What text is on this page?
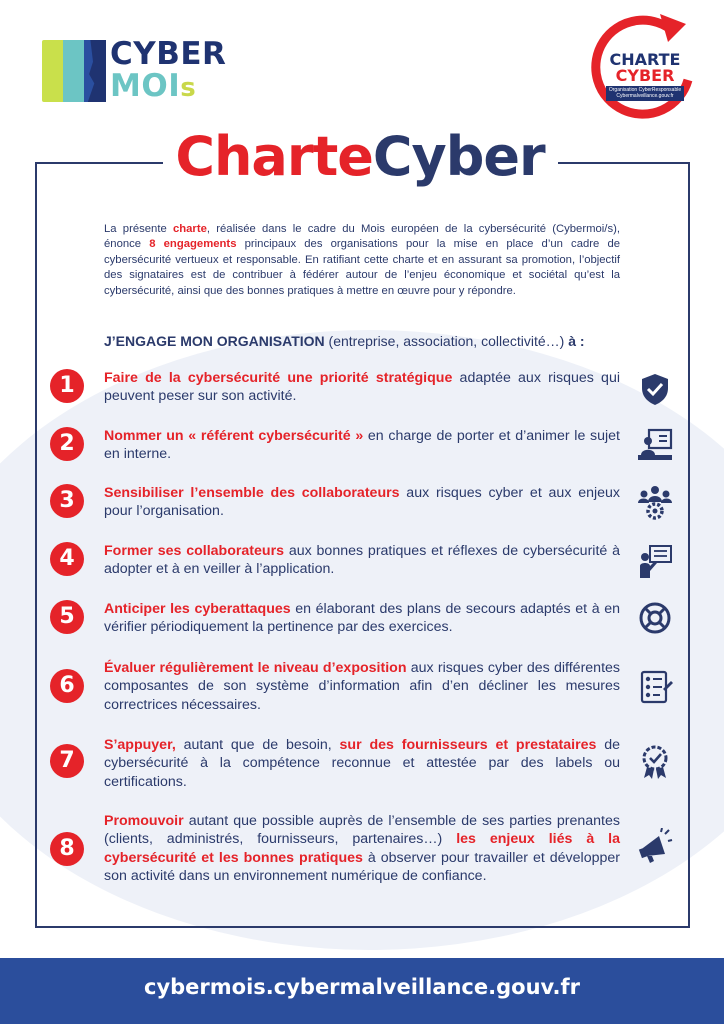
CYBER
MOIs
CHARTE
CYBER
Organisation CyberResponsable
Cybermalveillance.gouv.fr
CharteCyber

La présente charte, réalisée dans le cadre du Mois européen de la cybersécurité (Cybermoi/s), énonce 8 engagements principaux des organisations pour la mise en place d’un cadre de cybersécurité vertueux et responsable. En ratifiant cette charte et en assurant sa promotion, l’objectif des signataires est de contribuer à fédérer autour de l’enjeu économique et sociétal qu’est la cybersécurité, ainsi que des bonnes pratiques à mettre en œuvre pour y répondre.

J’ENGAGE MON ORGANISATION (entreprise, association, collectivité…) à :

1	Faire de la cybersécurité une priorité stratégique adaptée aux risques qui peuvent peser sur son activité.
2	Nommer un « référent cybersécurité » en charge de porter et d’animer le sujet en interne.
3	Sensibiliser l’ensemble des collaborateurs aux risques cyber et aux enjeux pour l’organisation.
4	Former ses collaborateurs aux bonnes pratiques et réflexes de cybersécurité à adopter et à en veiller à l’application.
5	Anticiper les cyberattaques en élaborant des plans de secours adaptés et à en vérifier périodiquement la pertinence par des exercices.
6
Évaluer régulièrement le niveau d’exposition aux risques cyber des différentes composantes de son système d’information afin d’en décliner les mesures correctrices nécessaires.
7
S’appuyer, autant que de besoin, sur des fournisseurs et prestataires de cybersécurité à la compétence reconnue et attestée par des labels ou certifications.
8
Promouvoir autant que possible auprès de l’ensemble de ses parties prenantes (clients, administrés, fournisseurs, partenaires…) les enjeux liés à la cybersécurité et les bonnes pratiques à observer pour travailler et développer son activité dans un environnement numérique de confiance.
cybermois.cybermalveillance.gouv.fr
